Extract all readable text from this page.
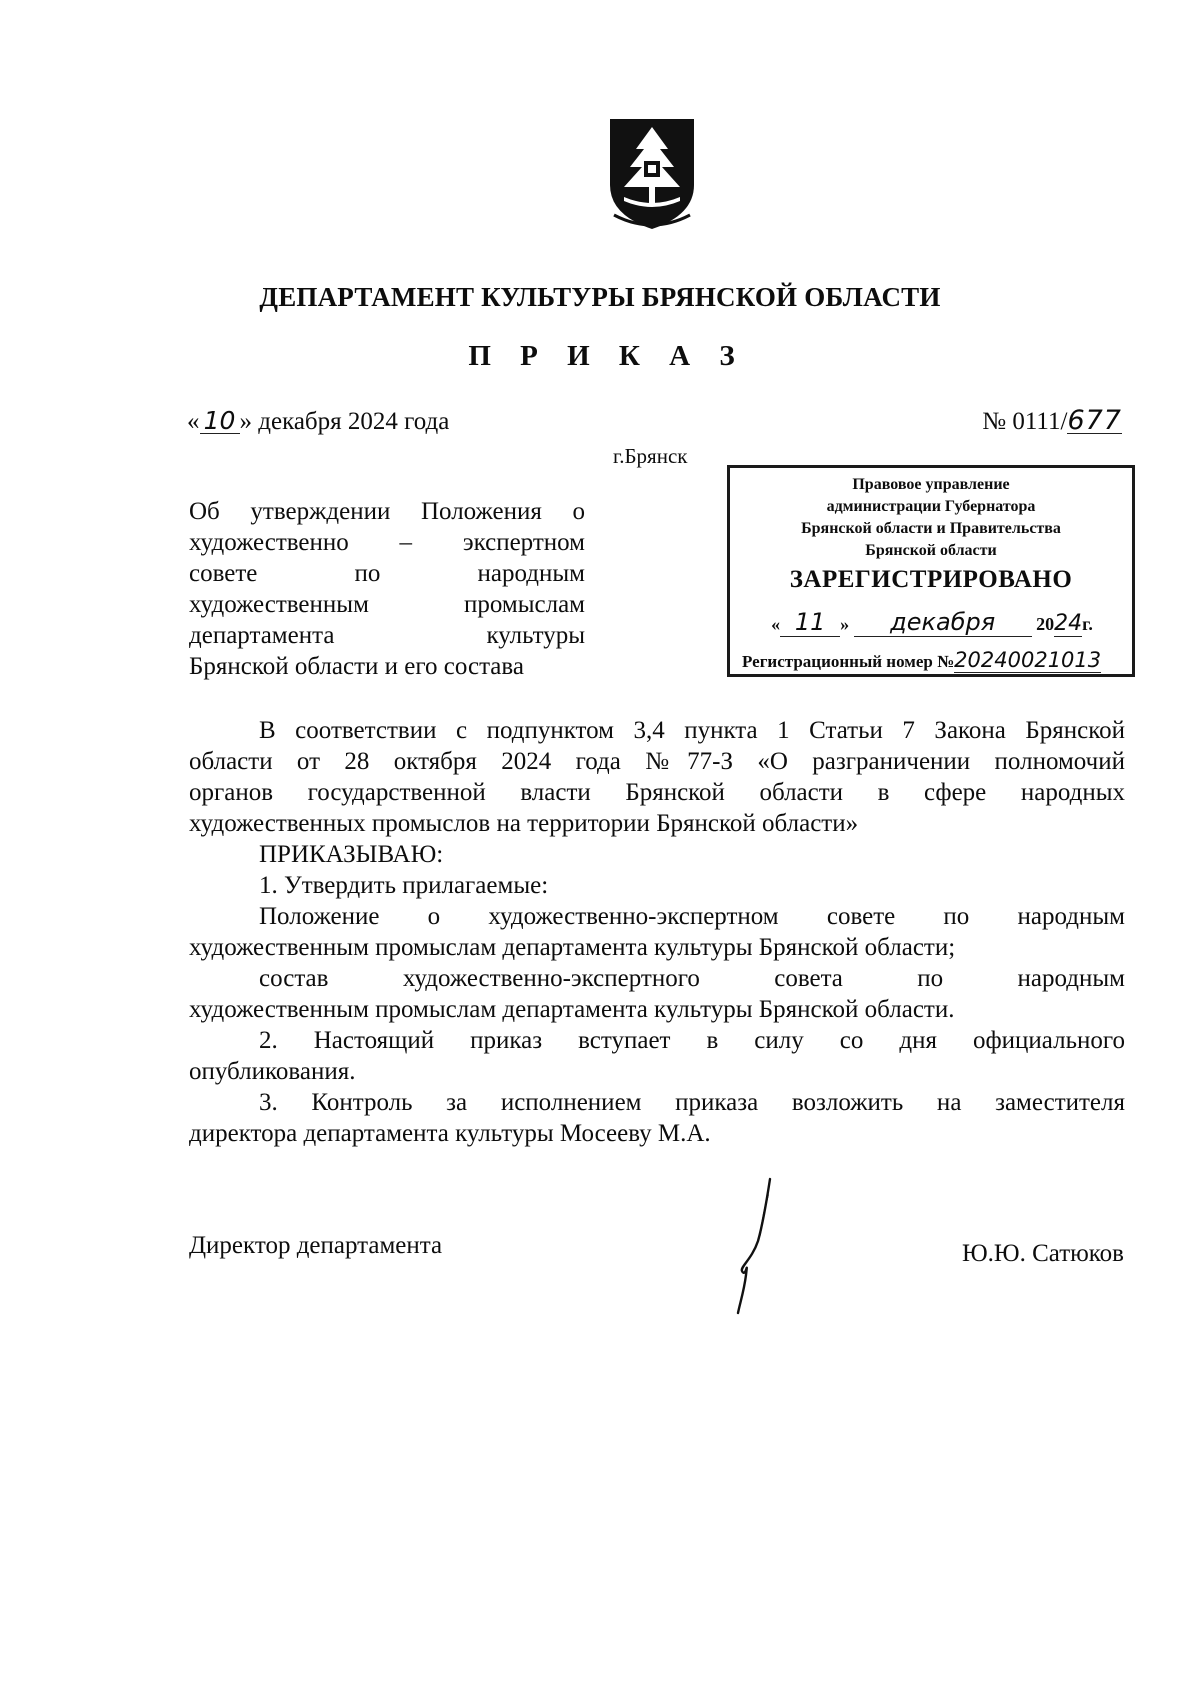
ДЕПАРТАМЕНТ КУЛЬТУРЫ БРЯНСКОЙ ОБЛАСТИ
П Р И К А З
« 10 » декабря 2024 года	№ 0111/677
г.Брянск
Об утверждении Положения о
художественно – экспертном
совете по народным
художественным промыслам
департамента культуры
Брянской области и его состава
Правовое управление
администрации Губернатора
Брянской области и Правительства
Брянской области
ЗАРЕГИСТРИРОВАНО
« 11 » декабря 2024г.
Регистрационный номер №20240021013
В соответствии с подпунктом 3,4 пункта 1 Статьи 7 Закона Брянской
области от 28 октября 2024 года №77-З «О разграничении полномочий
органов государственной власти Брянской области в сфере народных
художественных промыслов на территории Брянской области»
ПРИКАЗЫВАЮ:
1. Утвердить прилагаемые:
Положение о художественно-экспертном совете по народным
художественным промыслам департамента культуры Брянской области;
состав художественно-экспертного совета по народным
художественным промыслам департамента культуры Брянской области.
2. Настоящий приказ вступает в силу со дня официального
опубликования.
3. Контроль за исполнением приказа возложить на заместителя
директора департамента культуры Мосееву М.А.
Директор департамента	Ю.Ю. Сатюков
